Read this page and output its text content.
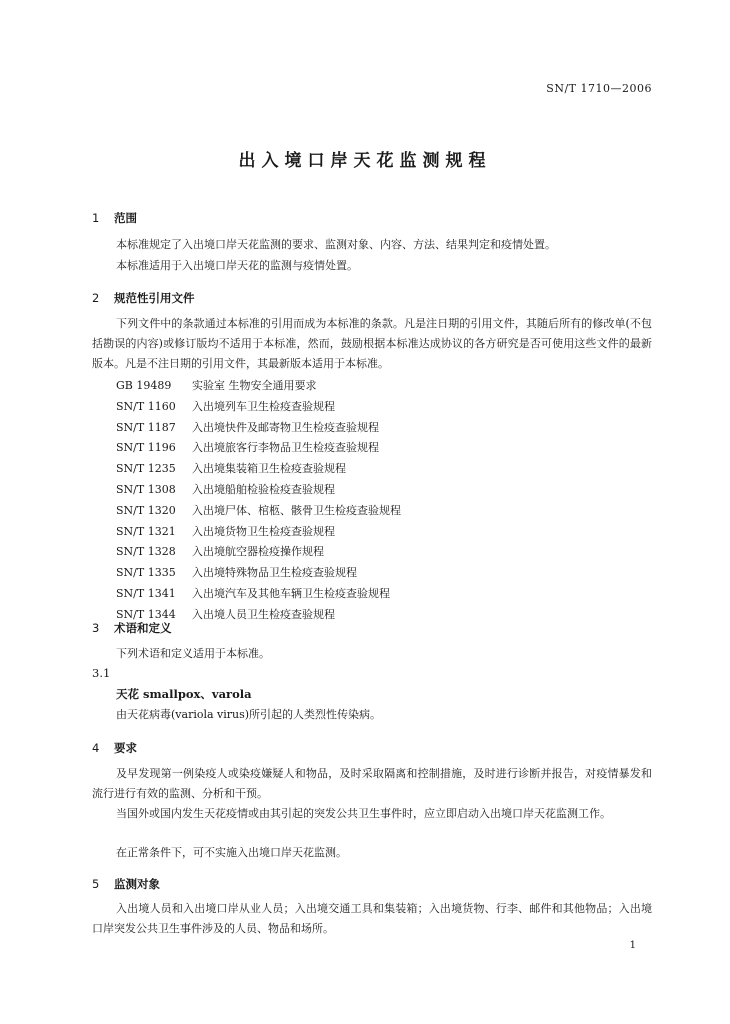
SN/T 1710—2006
出入境口岸天花监测规程
1 范围
本标准规定了入出境口岸天花监测的要求、监测对象、内容、方法、结果判定和疫情处置。
本标准适用于入出境口岸天花的监测与疫情处置。
2 规范性引用文件
下列文件中的条款通过本标准的引用而成为本标准的条款。凡是注日期的引用文件，其随后所有的修改单(不包括勘误的内容)或修订版均不适用于本标准，然而，鼓励根据本标准达成协议的各方研究是否可使用这些文件的最新版本。凡是不注日期的引用文件，其最新版本适用于本标准。
GB 19489 实验室 生物安全通用要求
SN/T 1160 入出境列车卫生检疫查验规程
SN/T 1187 入出境快件及邮寄物卫生检疫查验规程
SN/T 1196 入出境旅客行李物品卫生检疫查验规程
SN/T 1235 入出境集装箱卫生检疫查验规程
SN/T 1308 入出境船舶检验检疫查验规程
SN/T 1320 入出境尸体、棺柩、骸骨卫生检疫查验规程
SN/T 1321 入出境货物卫生检疫查验规程
SN/T 1328 入出境航空器检疫操作规程
SN/T 1335 入出境特殊物品卫生检疫查验规程
SN/T 1341 入出境汽车及其他车辆卫生检疫查验规程
SN/T 1344 入出境人员卫生检疫查验规程
3 术语和定义
下列术语和定义适用于本标准。
3.1
天花 smallpox、varola
由天花病毒(variola virus)所引起的人类烈性传染病。
4 要求
及早发现第一例染疫人或染疫嫌疑人和物品，及时采取隔离和控制措施，及时进行诊断并报告，对疫情暴发和流行进行有效的监测、分析和干预。
当国外或国内发生天花疫情或由其引起的突发公共卫生事件时，应立即启动入出境口岸天花监测工作。
在正常条件下，可不实施入出境口岸天花监测。
5 监测对象
入出境人员和入出境口岸从业人员；入出境交通工具和集装箱；入出境货物、行李、邮件和其他物品；入出境口岸突发公共卫生事件涉及的人员、物品和场所。
1
